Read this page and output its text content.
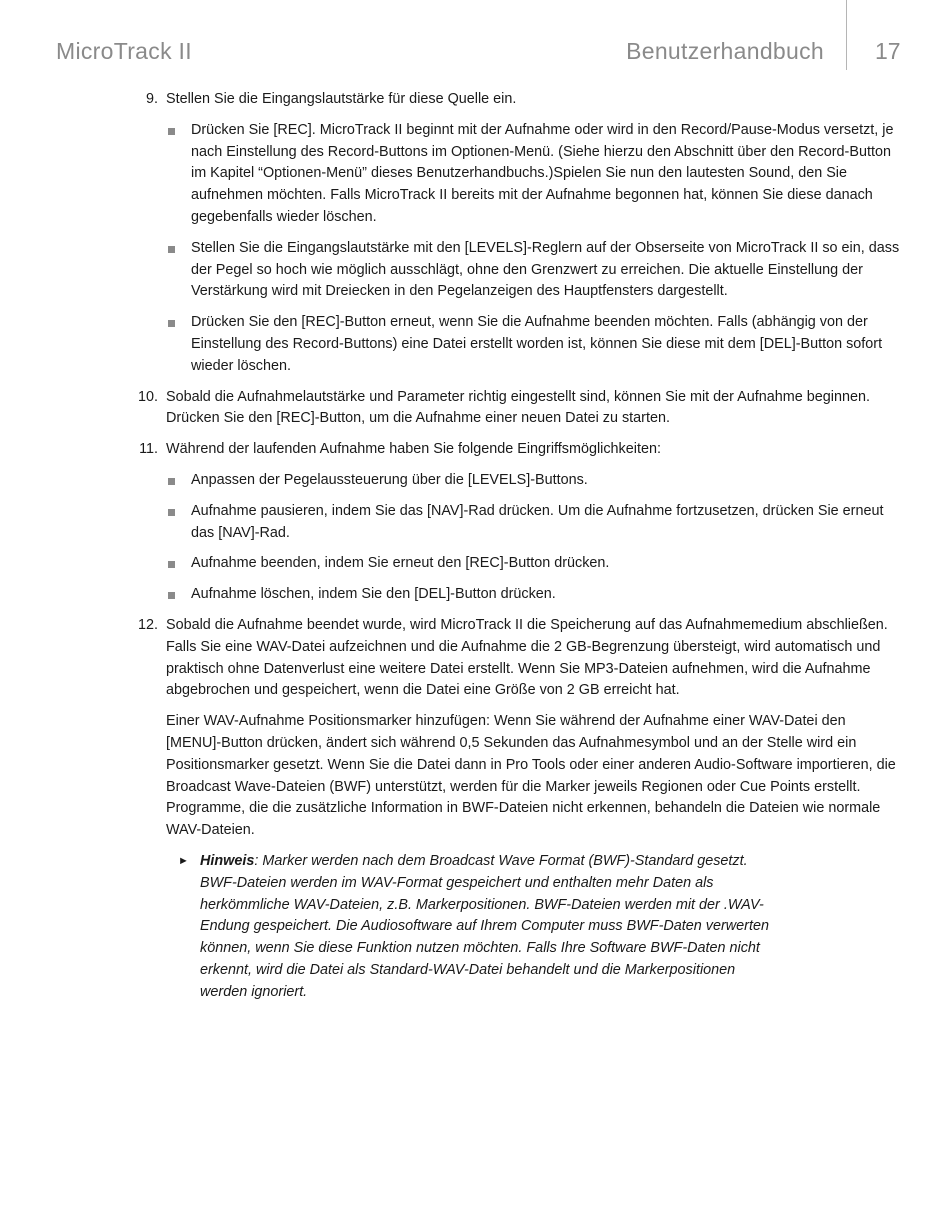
MicroTrack II	Benutzerhandbuch 17
9. Stellen Sie die Eingangslautstärke für diese Quelle ein.
Drücken Sie [REC]. MicroTrack II beginnt mit der Aufnahme oder wird in den Record/Pause-Modus versetzt, je nach Einstellung des Record-Buttons im Optionen-Menü. (Siehe hierzu den Abschnitt über den Record-Button im Kapitel “Optionen-Menü” dieses Benutzerhandbuchs.)Spielen Sie nun den lautesten Sound, den Sie aufnehmen möchten. Falls MicroTrack II bereits mit der Aufnahme begonnen hat, können Sie diese danach gegebenfalls wieder löschen.
Stellen Sie die Eingangslautstärke mit den [LEVELS]-Reglern auf der Obserseite von MicroTrack II so ein, dass der Pegel so hoch wie möglich ausschlägt, ohne den Grenzwert zu erreichen. Die aktuelle Einstellung der Verstärkung wird mit Dreiecken in den Pegelanzeigen des Hauptfensters dargestellt.
Drücken Sie den [REC]-Button erneut, wenn Sie die Aufnahme beenden möchten. Falls (abhängig von der Einstellung des Record-Buttons) eine Datei erstellt worden ist, können Sie diese mit dem [DEL]-Button sofort wieder löschen.
10. Sobald die Aufnahmelautstärke und Parameter richtig eingestellt sind, können Sie mit der Aufnahme beginnen. Drücken Sie den [REC]-Button, um die Aufnahme einer neuen Datei zu starten.
11. Während der laufenden Aufnahme haben Sie folgende Eingriffsmöglichkeiten:
Anpassen der Pegelaussteuerung über die [LEVELS]-Buttons.
Aufnahme pausieren, indem Sie das [NAV]-Rad drücken. Um die Aufnahme fortzusetzen, drücken Sie erneut das [NAV]-Rad.
Aufnahme beenden, indem Sie erneut den [REC]-Button drücken.
Aufnahme löschen, indem Sie den [DEL]-Button drücken.
12. Sobald die Aufnahme beendet wurde, wird MicroTrack II die Speicherung auf das Aufnahmemedium abschließen. Falls Sie eine WAV-Datei aufzeichnen und die Aufnahme die 2 GB-Begrenzung übersteigt, wird automatisch und praktisch ohne Datenverlust eine weitere Datei erstellt. Wenn Sie MP3-Dateien aufnehmen, wird die Aufnahme abgebrochen und gespeichert, wenn die Datei eine Größe von 2 GB erreicht hat.
Einer WAV-Aufnahme Positionsmarker hinzufügen: Wenn Sie während der Aufnahme einer WAV-Datei den [MENU]-Button drücken, ändert sich während 0,5 Sekunden das Aufnahmesymbol und an der Stelle wird ein Positionsmarker gesetzt. Wenn Sie die Datei dann in Pro Tools oder einer anderen Audio-Software importieren, die Broadcast Wave-Dateien (BWF) unterstützt, werden für die Marker jeweils Regionen oder Cue Points erstellt. Programme, die die zusätzliche Information in BWF-Dateien nicht erkennen, behandeln die Dateien wie normale WAV-Dateien.
► Hinweis: Marker werden nach dem Broadcast Wave Format (BWF)-Standard gesetzt. BWF-Dateien werden im WAV-Format gespeichert und enthalten mehr Daten als herkömmliche WAV-Dateien, z.B. Markerpositionen. BWF-Dateien werden mit der .WAV-Endung gespeichert. Die Audiosoftware auf Ihrem Computer muss BWF-Daten verwerten können, wenn Sie diese Funktion nutzen möchten. Falls Ihre Software BWF-Daten nicht erkennt, wird die Datei als Standard-WAV-Datei behandelt und die Markerpositionen werden ignoriert.
